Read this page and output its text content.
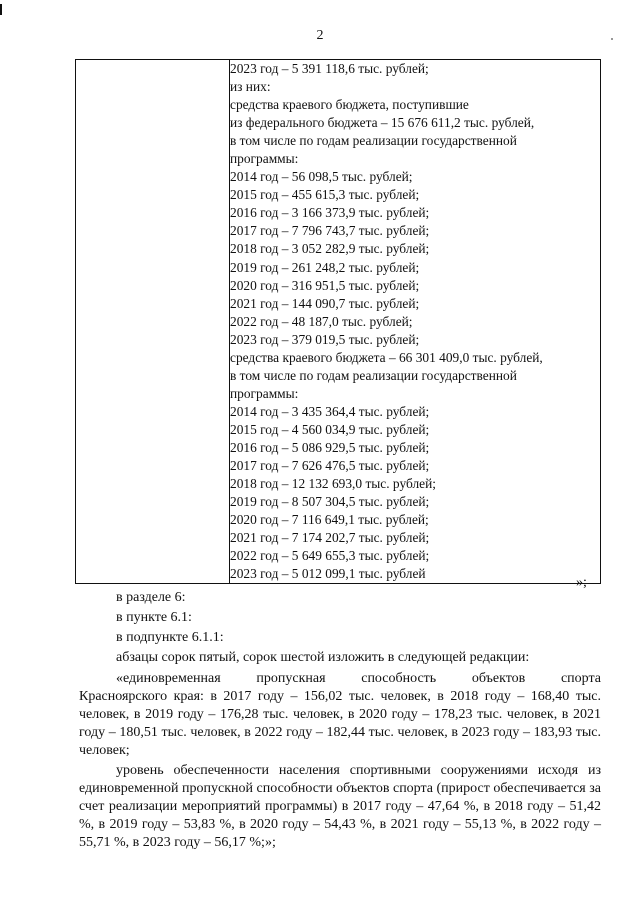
2

2023 год – 5 391 118,6 тыс. рублей;
из них:
средства краевого бюджета, поступившие
из федерального бюджета – 15 676 611,2 тыс. рублей,
в том числе по годам реализации государственной
программы:
2014 год – 56 098,5 тыс. рублей;
2015 год – 455 615,3 тыс. рублей;
2016 год – 3 166 373,9 тыс. рублей;
2017 год – 7 796 743,7 тыс. рублей;
2018 год – 3 052 282,9 тыс. рублей;
2019 год – 261 248,2 тыс. рублей;
2020 год – 316 951,5 тыс. рублей;
2021 год – 144 090,7 тыс. рублей;
2022 год – 48 187,0 тыс. рублей;
2023 год – 379 019,5 тыс. рублей;
средства краевого бюджета – 66 301 409,0 тыс. рублей,
в том числе по годам реализации государственной
программы:
2014 год – 3 435 364,4 тыс. рублей;
2015 год – 4 560 034,9 тыс. рублей;
2016 год – 5 086 929,5 тыс. рублей;
2017 год – 7 626 476,5 тыс. рублей;
2018 год – 12 132 693,0 тыс. рублей;
2019 год – 8 507 304,5 тыс. рублей;
2020 год – 7 116 649,1 тыс. рублей;
2021 год – 7 174 202,7 тыс. рублей;
2022 год – 5 649 655,3 тыс. рублей;
2023 год – 5 012 099,1 тыс. рублей
»;
в разделе 6:
в пункте 6.1:
в подпункте 6.1.1:
абзацы сорок пятый, сорок шестой изложить в следующей редакции:
«единовременная пропускная способность объектов спорта
Красноярского края: в 2017 году – 156,02 тыс. человек, в 2018 году – 168,40 тыс. человек, в 2019 году – 176,28 тыс. человек, в 2020 году – 178,23 тыс. человек, в 2021 году – 180,51 тыс. человек, в 2022 году – 182,44 тыс. человек, в 2023 году – 183,93 тыс. человек;
уровень обеспеченности населения спортивными сооружениями исходя из единовременной пропускной способности объектов спорта (прирост обеспечивается за счет реализации мероприятий программы) в 2017 году – 47,64 %, в 2018 году – 51,42 %, в 2019 году – 53,83 %, в 2020 году – 54,43 %, в 2021 году – 55,13 %, в 2022 году – 55,71 %, в 2023 году – 56,17 %;»;
